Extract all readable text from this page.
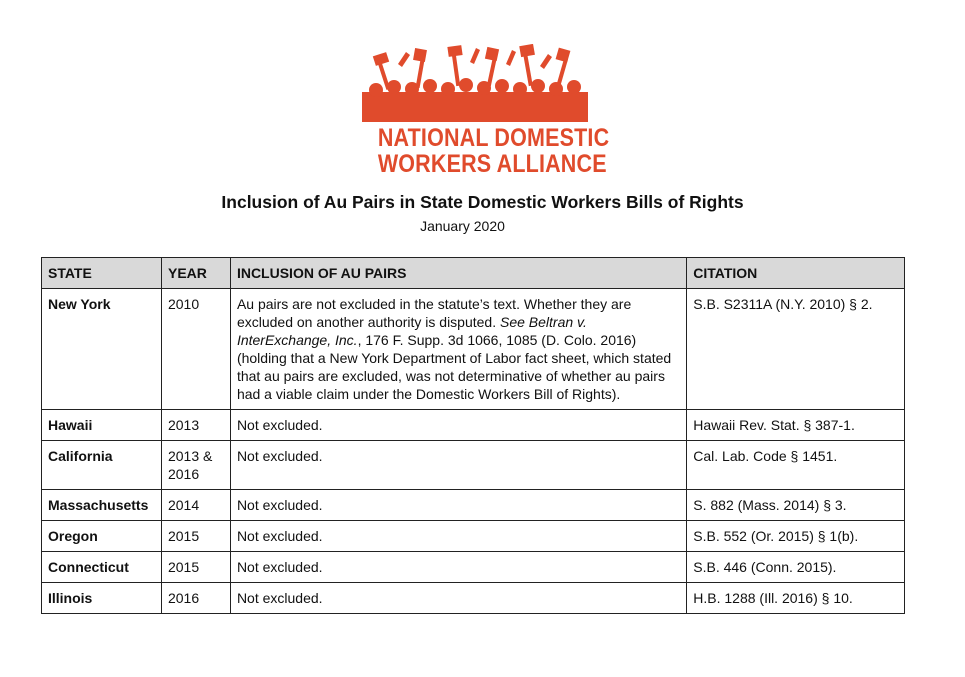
NATIONAL DOMESTIC
WORKERS ALLIANCE
Inclusion of Au Pairs in State Domestic Workers Bills of Rights
January 2020
STATE	YEAR	INCLUSION OF AU PAIRS	CITATION
New York	2010	Au pairs are not excluded in the statute’s text. Whether they are excluded on another authority is disputed. See Beltran v. InterExchange, Inc., 176 F. Supp. 3d 1066, 1085 (D. Colo. 2016) (holding that a New York Department of Labor fact sheet, which stated that au pairs are excluded, was not determinative of whether au pairs had a viable claim under the Domestic Workers Bill of Rights).	S.B. S2311A (N.Y. 2010) § 2.
Hawaii	2013	Not excluded.	Hawaii Rev. Stat. § 387-1.
California	2013 & 2016	Not excluded.	Cal. Lab. Code § 1451.
Massachusetts	2014	Not excluded.	S. 882 (Mass. 2014) § 3.
Oregon	2015	Not excluded.	S.B. 552 (Or. 2015) § 1(b).
Connecticut	2015	Not excluded.	S.B. 446 (Conn. 2015).
Illinois	2016	Not excluded.	H.B. 1288 (Ill. 2016) § 10.
